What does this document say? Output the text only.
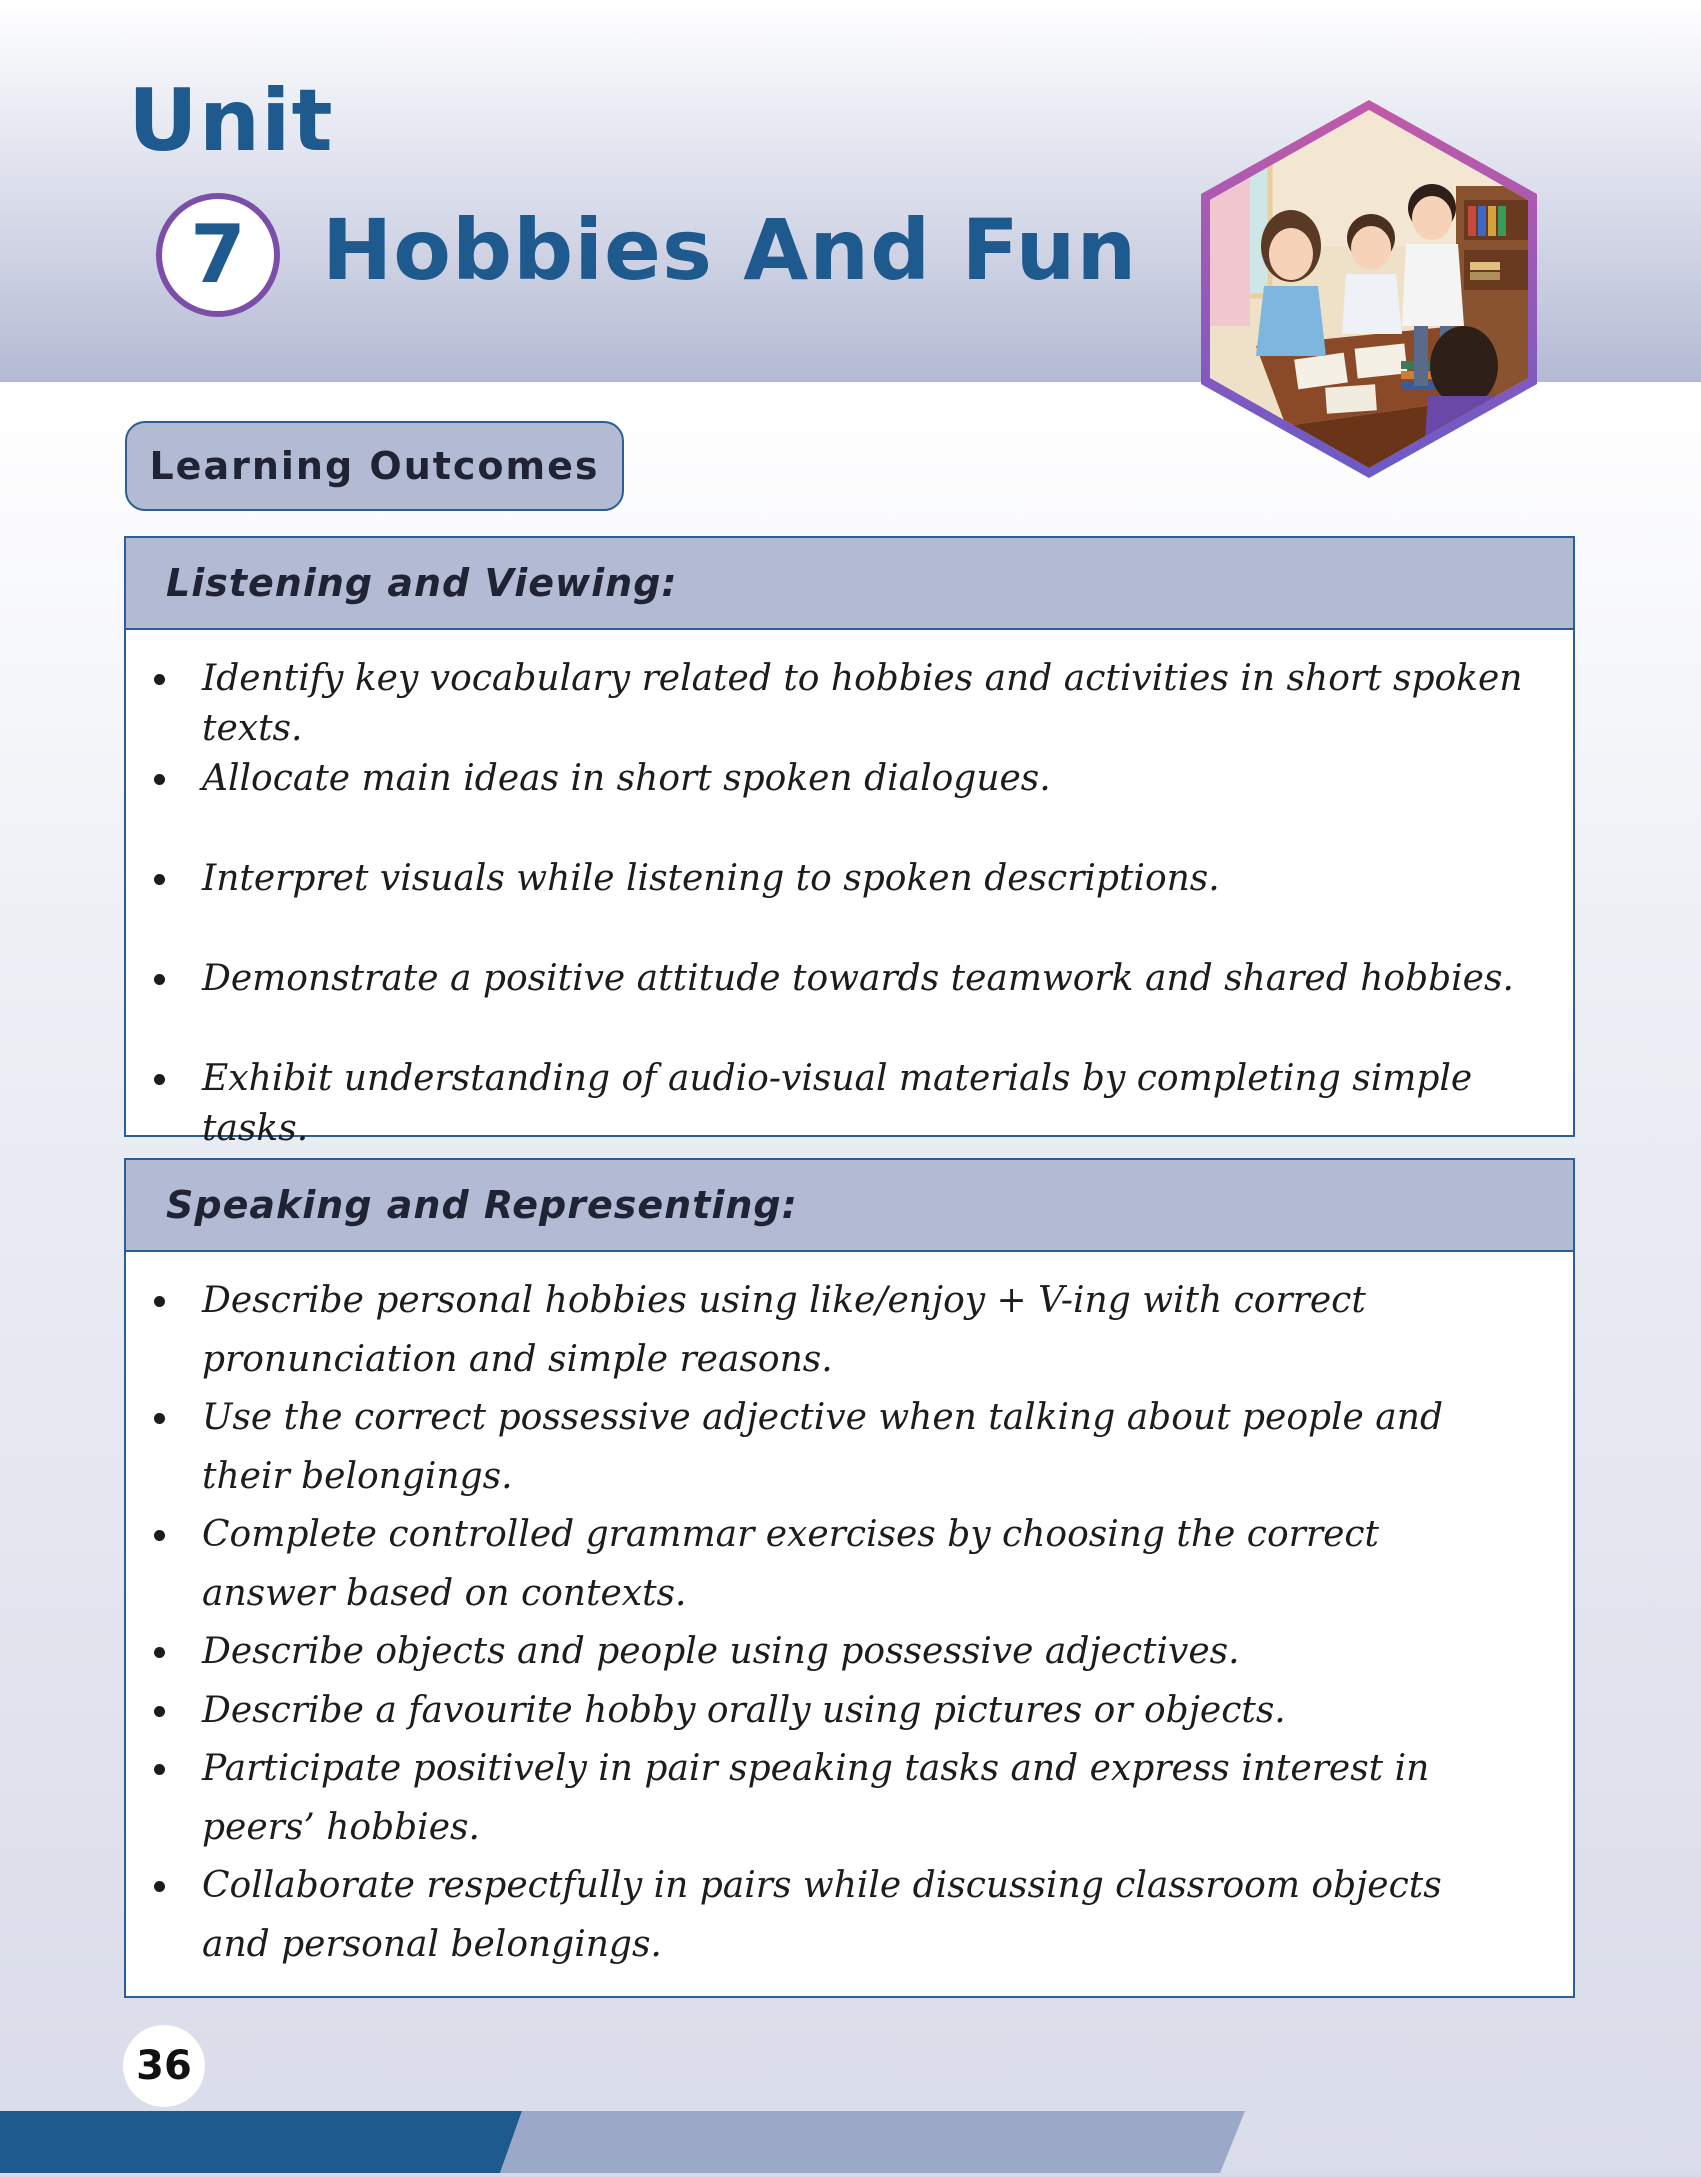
Unit
7 Hobbies And Fun
Learning Outcomes
Listening and Viewing:
Identify key vocabulary related to hobbies and activities in short spoken texts.
Allocate main ideas in short spoken dialogues.
Interpret visuals while listening to spoken descriptions.
Demonstrate a positive attitude towards teamwork and shared hobbies.
Exhibit understanding of audio-visual materials by completing simple tasks.
Speaking and Representing:
Describe personal hobbies using like/enjoy + V-ing with correct pronunciation and simple reasons.
Use the correct possessive adjective when talking about people and their belongings.
Complete controlled grammar exercises by choosing the correct answer based on contexts.
Describe objects and people using possessive adjectives.
Describe a favourite hobby orally using pictures or objects.
Participate positively in pair speaking tasks and express interest in peers’ hobbies.
Collaborate respectfully in pairs while discussing classroom objects and personal belongings.
36
